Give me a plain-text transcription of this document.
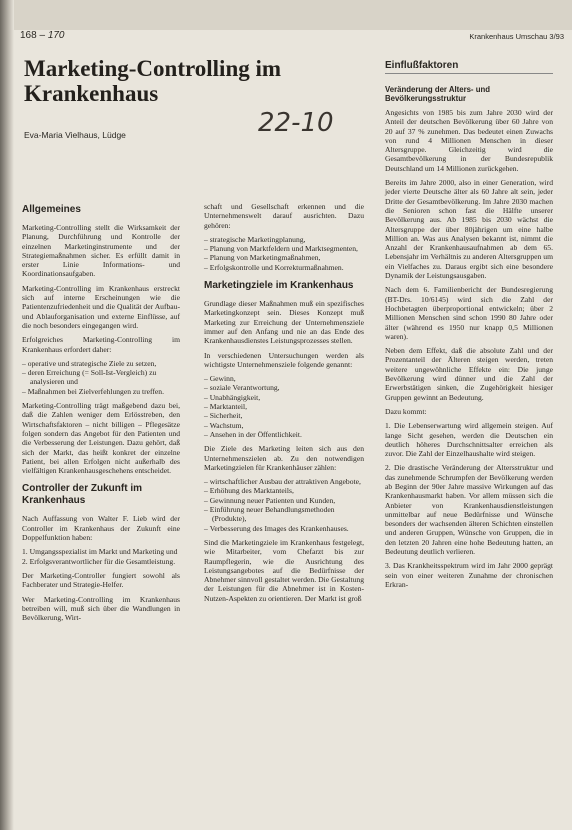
168 – 170	Krankenhaus Umschau 3/93
22-10
Marketing-Controlling im Krankenhaus
Eva-Maria Vielhaus, Lüdge
Allgemeines

Marketing-Controlling stellt die Wirksamkeit der Planung, Durchführung und Kontrolle der einzelnen Marketinginstrumente und der Strategiemaßnahmen sicher. Es erfüllt damit in erster Linie Informations- und Koordinationsaufgaben.

Marketing-Controlling im Krankenhaus erstreckt sich auf interne Erscheinungen wie die Patientenzufriedenheit und die Qualität der Aufbau- und Ablauforganisation und externe Einflüsse, auf die noch besonders eingegangen wird.

Erfolgreiches Marketing-Controlling im Krankenhaus erfordert daher:

– operative und strategische Ziele zu setzen,
– deren Erreichung (= Soll-Ist-Vergleich) zu analysieren und
– Maßnahmen bei Zielverfehlungen zu treffen.

Marketing-Controlling trägt maßgebend dazu bei, daß die Zahlen weniger dem Erlösstreben, den Wirtschaftsfaktoren – nicht billigen – Pflegesätze folgen sondern das Angebot für den Patienten und die Verbesserung der Leistungen. Dazu gehört, daß sich der Markt, das heißt konkret der einzelne Patient, bei allen Erfolgen nicht außerhalb des vielfältigen Krankenhausgeschehens entscheidet.

Controller der Zukunft im Krankenhaus

Nach Auffassung von Walter F. Lieb wird der Controller im Krankenhaus der Zukunft eine Doppelfunktion haben:

1. Umgangsspezialist im Markt und Marketing und
2. Erfolgsverantwortlicher für die Gesamtleistung.

Der Marketing-Controller fungiert sowohl als Fachberater und Strategie-Helfer.

Wer Marketing-Controlling im Krankenhaus betreiben will, muß sich über die Wandlungen in Bevölkerung, Wirt-

schaft und Gesellschaft erkennen und die Unternehmenswelt darauf ausrichten. Dazu gehören:

– strategische Marketingplanung,
– Planung von Marktfeldern und Marktsegmenten,
– Planung von Marketingmaßnahmen,
– Erfolgskontrolle und Korrekturmaßnahmen.
Marketingziele im Krankenhaus

Grundlage dieser Maßnahmen muß ein spezifisches Marketingkonzept sein. Dieses Konzept muß Marketing zur Erreichung der Unternehmensziele immer auf den Anfang und nie an das Ende des Krankenhausdienstes Leistungsprozesses stellen.

In verschiedenen Untersuchungen werden als wichtigste Unternehmensziele folgende genannt:

– Gewinn,
– soziale Verantwortung,
– Unabhängigkeit,
– Marktanteil,
– Sicherheit,
– Wachstum,
– Ansehen in der Öffentlichkeit.

Die Ziele des Marketing leiten sich aus den Unternehmenszielen ab. Zu den notwendigen Marketingzielen für Krankenhäuser zählen:

– wirtschaftlicher Ausbau der attraktiven Angebote,
– Erhöhung des Marktanteils,
– Gewinnung neuer Patienten und Kunden,
– Einführung neuer Behandlungsmethoden (Produkte),
– Verbesserung des Images des Krankenhauses.

Sind die Marketingziele im Krankenhaus festgelegt, wie Mitarbeiter, vom Chefarzt bis zur Raumpflegerin, wie die Ausrichtung des Leistungsangebotes auf die Bedürfnisse der Abnehmer sinnvoll gestaltet werden. Die Gestaltung der Leistungen für die Abnehmer ist in Kosten-Nutzen-Aspekten zu orientieren. Der Markt ist groß

Einflußfaktoren
Veränderung der Alters- und Bevölkerungsstruktur

Angesichts von 1985 bis zum Jahre 2030 wird der Anteil der deutschen Bevölkerung über 60 Jahre von 20 auf 37 % zunehmen. Das bedeutet einen Zuwachs von rund 4 Millionen Menschen in dieser Altersgruppe. Gleichzeitig wird die Gesamtbevölkerung in der Bundesrepublik Deutschland um 14 Millionen zurückgehen.

Bereits im Jahre 2000, also in einer Generation, wird jeder vierte Deutsche älter als 60 Jahre alt sein, jeder Dritte der Gesamtbevölkerung. Im Jahre 2030 machen die Senioren schon fast die Hälfte unserer Bevölkerung aus. Ab 1985 bis 2030 wächst die Altersgruppe der über 80jährigen um eine halbe Million an. Was aus Analysen bekannt ist, nimmt die Anzahl der Krankenhausaufnahmen ab dem 65. Lebensjahr im Verhältnis zu anderen Altersgruppen um ein Vielfaches zu. Daraus ergibt sich eine besondere Dynamik der Leistungsausgaben.

Nach dem 6. Familienbericht der Bundesregierung (BT-Drs. 10/6145) wird sich die Zahl der Hochbetagten überproportional entwickeln; über 2 Millionen Menschen sind schon 1990 80 Jahre oder älter (während es 1950 nur knapp 0,5 Millionen waren).

Neben dem Effekt, daß die absolute Zahl und der Prozentanteil der Älteren steigen werden, treten weitere ungewöhnliche Effekte ein: Die junge Bevölkerung wird dünner und die Zahl der Erwerbstätigen sinken, die Zugehörigkeit hiesiger Gruppen gewinnt an Bedeutung.

Dazu kommt:

1. Die Lebenserwartung wird allgemein steigen. Auf lange Sicht gesehen, werden die Deutschen ein deutlich höheres Durchschnittsalter erreichen als zuvor. Die Zahl der Einzelhaushalte wird steigen.

2. Die drastische Veränderung der Altersstruktur und das zunehmende Schrumpfen der Bevölkerung werden ab Beginn der 90er Jahre massive Wirkungen auf das Krankenhausmarkt haben. Vor allem müssen sich die Anbieter von Krankenhausdienstleistungen unmittelbar auf neue Bedürfnisse und Wünsche besonders der wachsenden älteren Schichten einstellen und anderen Gruppen, Wünsche von Gruppen, die in den letzten 20 Jahren eine hohe Bedeutung hatten, an Bedeutung deutlich verlieren.

3. Das Krankheitsspektrum wird im Jahr 2000 geprägt sein von einer weiteren Zunahme der chronischen Erkran-
